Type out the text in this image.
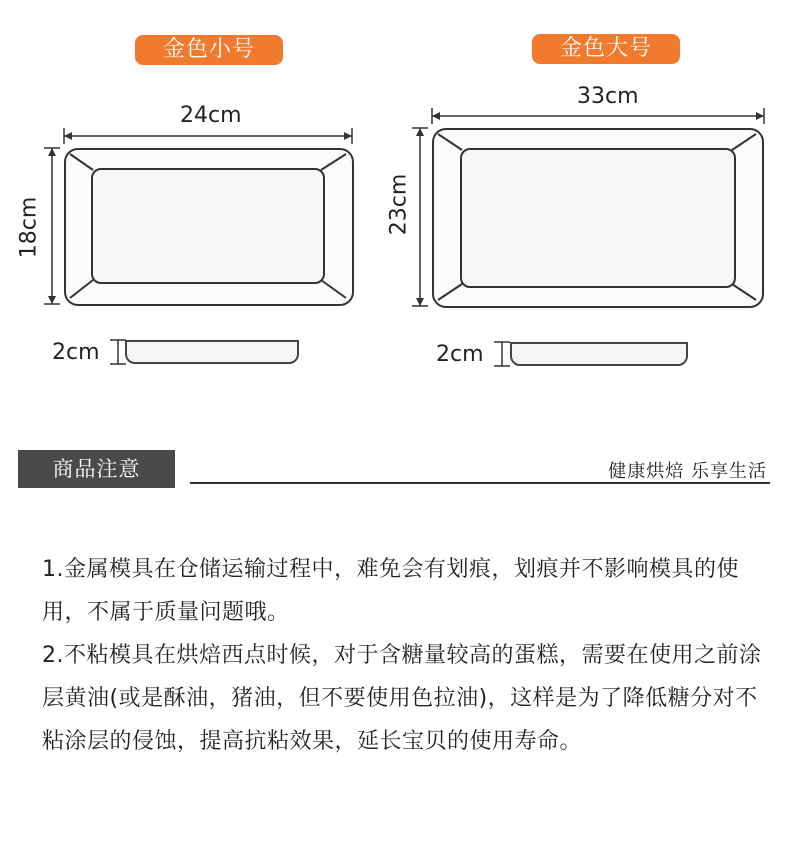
金色小号
24cm
18cm
2cm
金色大号
33cm
23cm
2cm
商品注意	健康烘焙 乐享生活
1.金属模具在仓储运输过程中，难免会有划痕，划痕并不影响模具的使用，不属于质量问题哦。
2.不粘模具在烘焙西点时候，对于含糖量较高的蛋糕，需要在使用之前涂层黄油(或是酥油，猪油，但不要使用色拉油)，这样是为了降低糖分对不粘涂层的侵蚀，提高抗粘效果，延长宝贝的使用寿命。
